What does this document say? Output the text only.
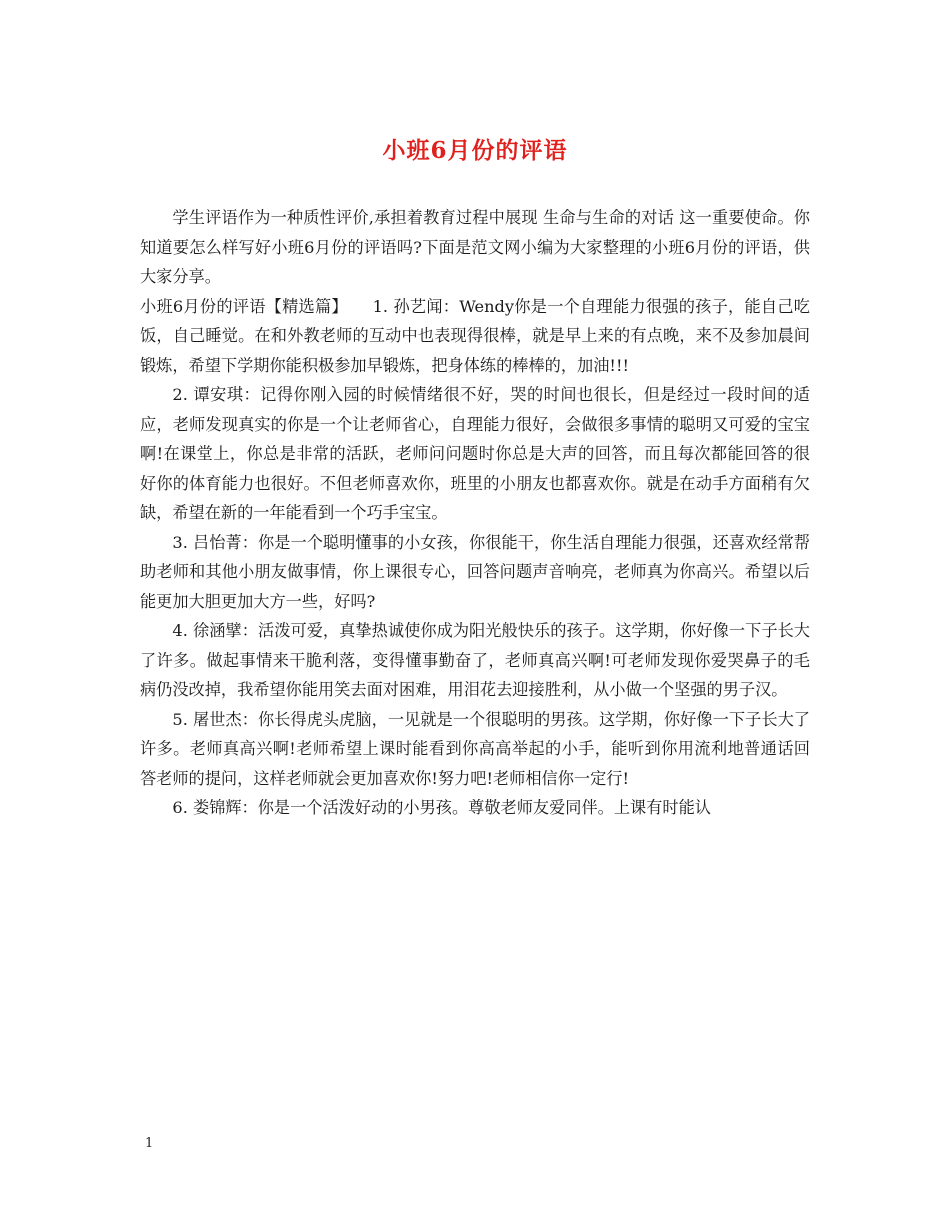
小班6月份的评语

学生评语作为一种质性评价,承担着教育过程中展现 生命与生命的对话 这一重要使命。你知道要怎么样写好小班6月份的评语吗?下面是范文网小编为大家整理的小班6月份的评语，供大家分享。

小班6月份的评语【精选篇】　　1. 孙艺闻：Wendy你是一个自理能力很强的孩子，能自己吃饭，自己睡觉。在和外教老师的互动中也表现得很棒，就是早上来的有点晚，来不及参加晨间锻炼，希望下学期你能积极参加早锻炼，把身体练的棒棒的，加油!!!

2. 谭安琪：记得你刚入园的时候情绪很不好，哭的时间也很长，但是经过一段时间的适应，老师发现真实的你是一个让老师省心，自理能力很好，会做很多事情的聪明又可爱的宝宝啊!在课堂上，你总是非常的活跃，老师问问题时你总是大声的回答，而且每次都能回答的很好你的体育能力也很好。不但老师喜欢你，班里的小朋友也都喜欢你。就是在动手方面稍有欠缺，希望在新的一年能看到一个巧手宝宝。

3. 吕怡菁：你是一个聪明懂事的小女孩，你很能干，你生活自理能力很强，还喜欢经常帮助老师和其他小朋友做事情，你上课很专心，回答问题声音响亮，老师真为你高兴。希望以后能更加大胆更加大方一些，好吗?

4. 徐涵擘：活泼可爱，真挚热诚使你成为阳光般快乐的孩子。这学期，你好像一下子长大了许多。做起事情来干脆利落，变得懂事勤奋了，老师真高兴啊!可老师发现你爱哭鼻子的毛病仍没改掉，我希望你能用笑去面对困难，用泪花去迎接胜利，从小做一个坚强的男子汉。

5. 屠世杰：你长得虎头虎脑，一见就是一个很聪明的男孩。这学期，你好像一下子长大了许多。老师真高兴啊!老师希望上课时能看到你高高举起的小手，能听到你用流利地普通话回答老师的提问，这样老师就会更加喜欢你!努力吧!老师相信你一定行!

6. 娄锦辉：你是一个活泼好动的小男孩。尊敬老师友爱同伴。上课有时能认

1
